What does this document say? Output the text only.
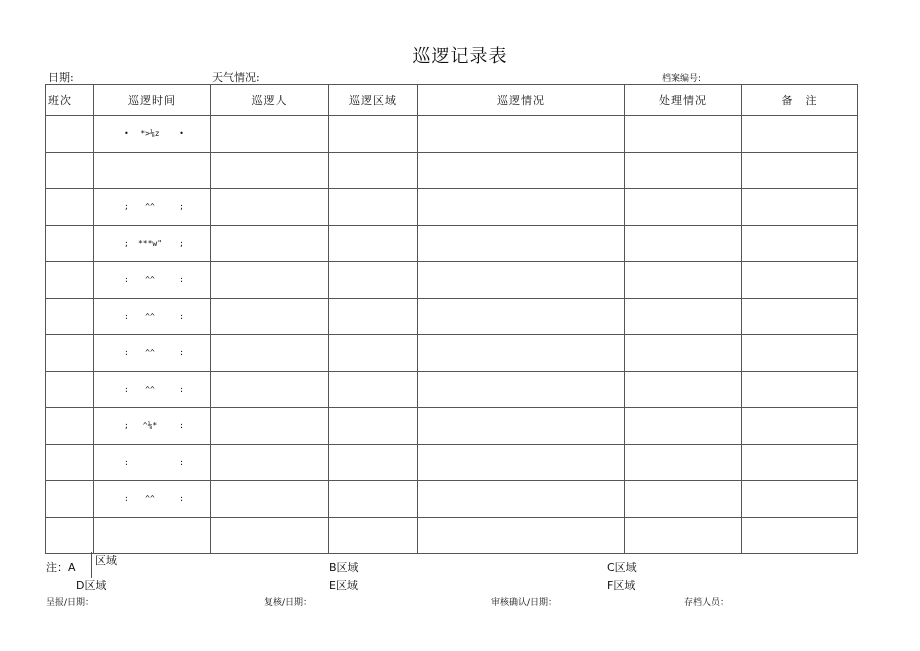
巡逻记录表
日期:	天气情况:	档案编号:
班次	巡逻时间	巡逻人	巡逻区域	巡逻情况	处理情况	备　注

	• *>⅛z •					

	; ^^ ;					

	; ***w" ;					

	: ^^ :					

	: ^^ :					

	: ^^ :					

	: ^^ :					

	; ^⅛* :					

	: :					

	: ^^ :					

注：A
区域
B区域	C区域
D区域	E区域	F区域
呈报/日期：	复核/日期：	审核确认/日期：	存档人员：
